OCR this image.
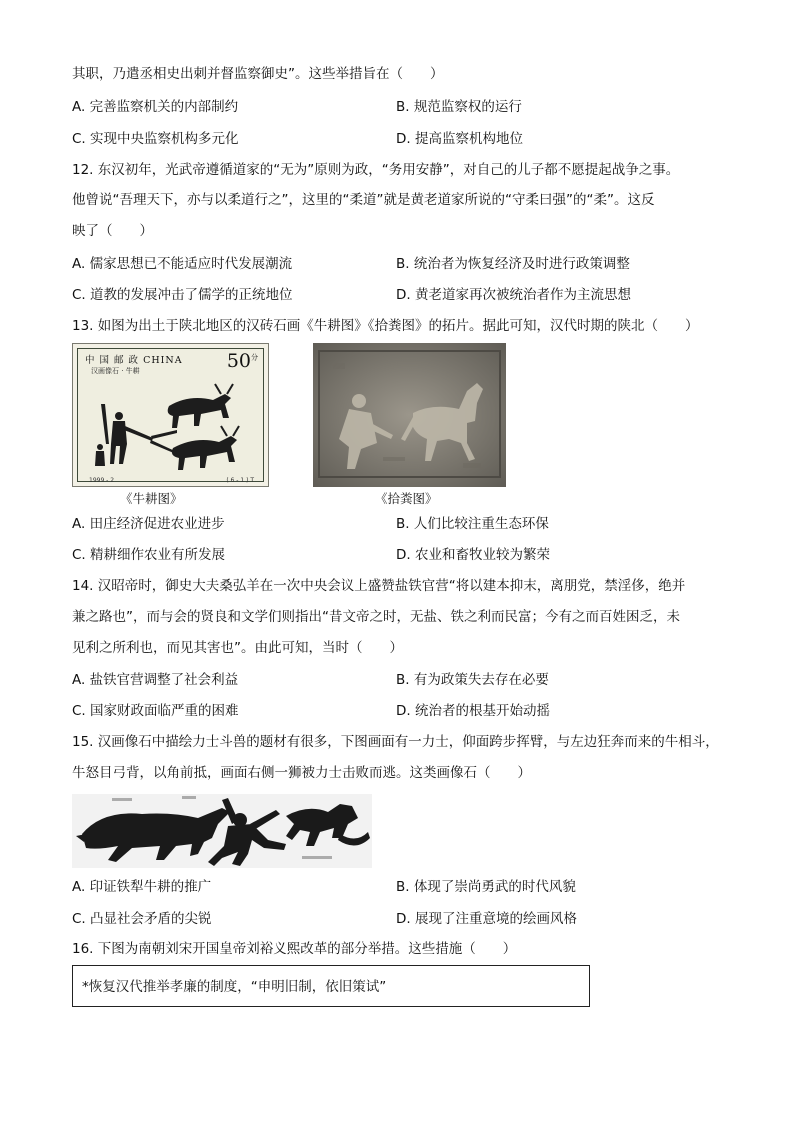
其职，乃遣丞相史出刺并督监察御史”。这些举措旨在（　　）
A. 完善监察机关的内部制约	B. 规范监察权的运行
C. 实现中央监察机构多元化	D. 提高监察机构地位
12. 东汉初年，光武帝遵循道家的“无为”原则为政，“务用安静”，对自己的儿子都不愿提起战争之事。
他曾说“吾理天下，亦与以柔道行之”，这里的“柔道”就是黄老道家所说的“守柔曰强”的“柔”。这反
映了（　　）
A. 儒家思想已不能适应时代发展潮流	B. 统治者为恢复经济及时进行政策调整
C. 道教的发展冲击了儒学的正统地位	D. 黄老道家再次被统治者作为主流思想
13. 如图为出土于陕北地区的汉砖石画《牛耕图》《拾粪图》的拓片。据此可知，汉代时期的陕北（　　）
中 国 邮 政 CHINA
汉画像石 · 牛耕	$50^分$
1999 - 2	( 6 - 1 ) T
《牛耕图》	《拾粪图》
A. 田庄经济促进农业进步	B. 人们比较注重生态环保
C. 精耕细作农业有所发展	D. 农业和畜牧业较为繁荣
14. 汉昭帝时，御史大夫桑弘羊在一次中央会议上盛赞盐铁官营“将以建本抑末，离朋党，禁淫侈，绝并
兼之路也”，而与会的贤良和文学们则指出“昔文帝之时，无盐、铁之利而民富；今有之而百姓困乏，未
见利之所利也，而见其害也”。由此可知，当时（　　）
A. 盐铁官营调整了社会利益	B. 有为政策失去存在必要
C. 国家财政面临严重的困难	D. 统治者的根基开始动摇
15. 汉画像石中描绘力士斗兽的题材有很多，下图画面有一力士，仰面跨步挥臂，与左边狂奔而来的牛相斗，
牛怒目弓背，以角前抵，画面右侧一狮被力士击败而逃。这类画像石（　　）
A. 印证铁犁牛耕的推广	B. 体现了崇尚勇武的时代风貌
C. 凸显社会矛盾的尖锐	D. 展现了注重意境的绘画风格
16. 下图为南朝刘宋开国皇帝刘裕义熙改革的部分举措。这些措施（　　）
*恢复汉代推举孝廉的制度，“申明旧制，依旧策试”
